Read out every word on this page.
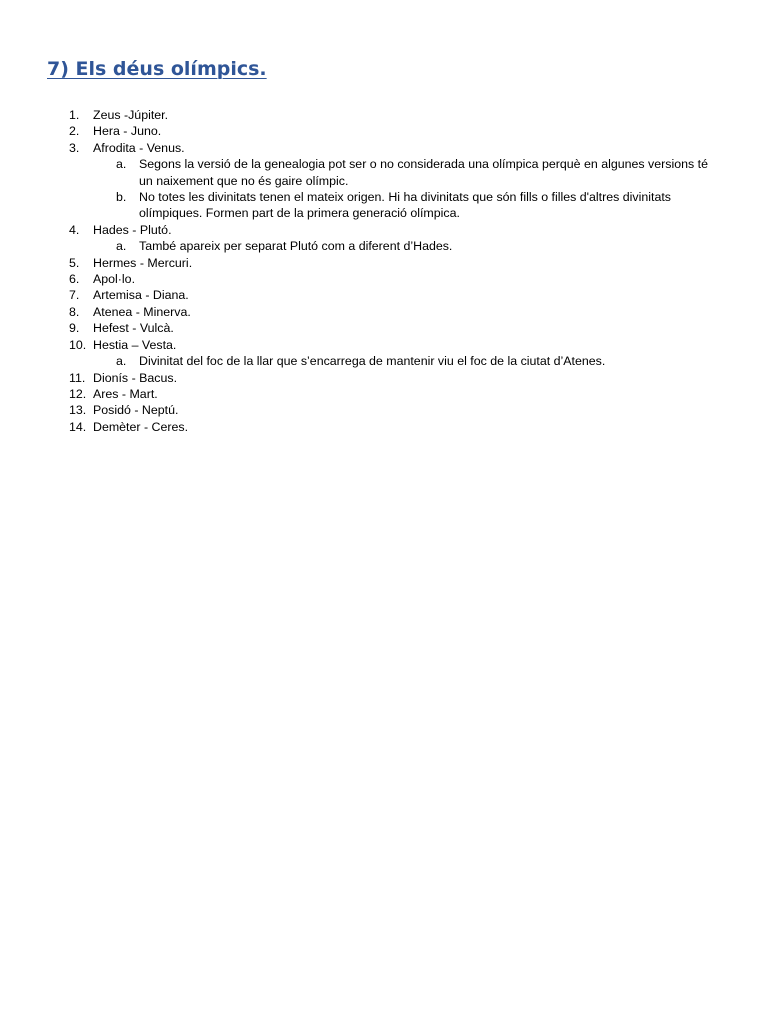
7) Els déus olímpics.
1. Zeus -Júpiter.
2. Hera - Juno.
3. Afrodita - Venus.
a. Segons la versió de la genealogia pot ser o no considerada una olímpica perquè en algunes versions té un naixement que no és gaire olímpic.
b. No totes les divinitats tenen el mateix origen. Hi ha divinitats que són fills o filles d'altres divinitats olímpiques. Formen part de la primera generació olímpica.
4. Hades - Plutó.
a. També apareix per separat Plutó com a diferent d’Hades.
5. Hermes - Mercuri.
6. Apol·lo.
7. Artemisa - Diana.
8. Atenea - Minerva.
9. Hefest - Vulcà.
10. Hestia – Vesta.
a. Divinitat del foc de la llar que s’encarrega de mantenir viu el foc de la ciutat d’Atenes.
11. Dionís - Bacus.
12. Ares - Mart.
13. Posidó - Neptú.
14. Demèter - Ceres.
